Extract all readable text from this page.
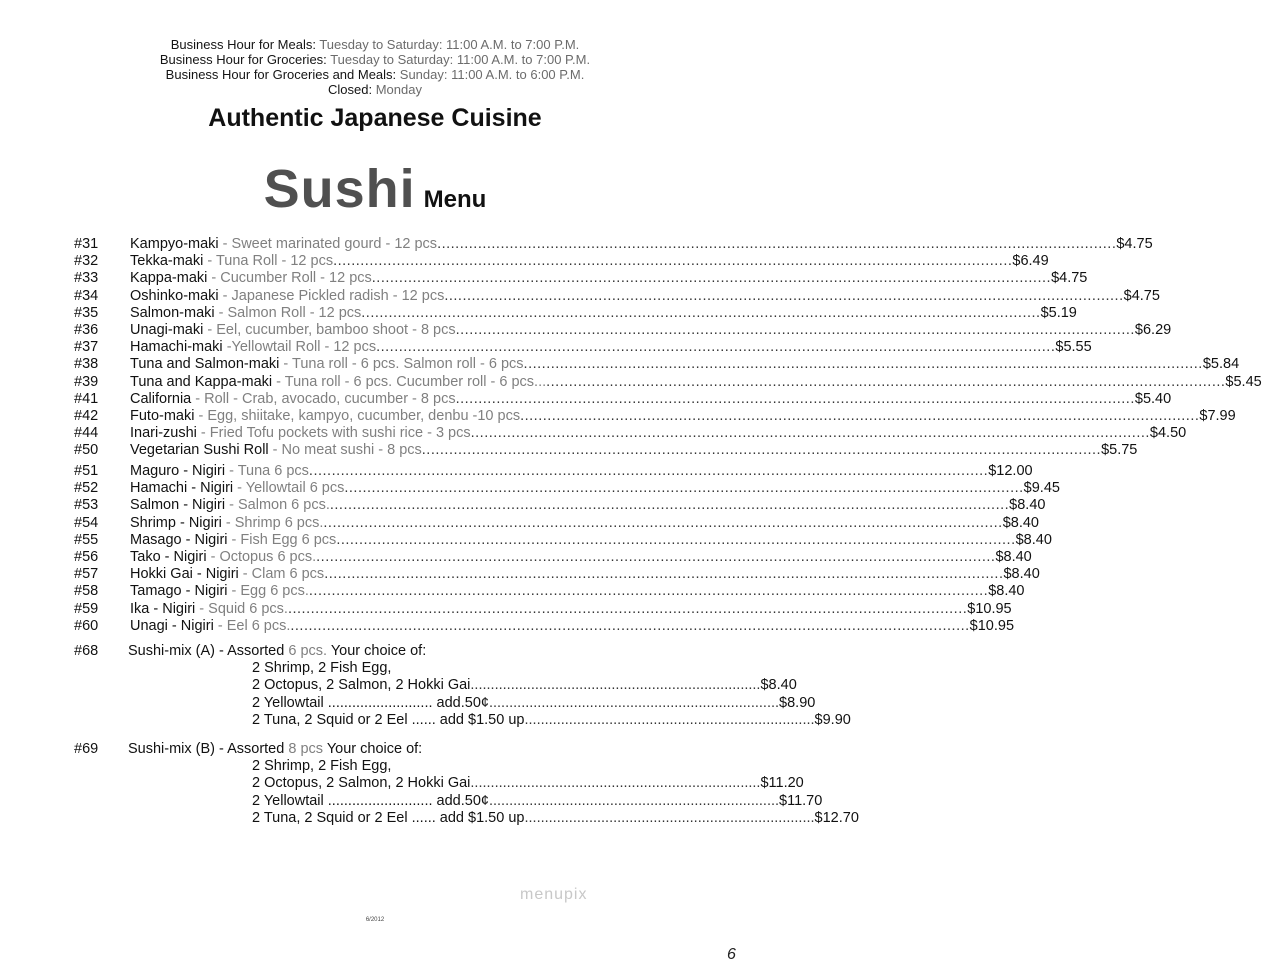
Business Hour for Meals: Tuesday to Saturday: 11:00 A.M. to 7:00 P.M.
Business Hour for Groceries: Tuesday to Saturday: 11:00 A.M. to 7:00 P.M.
Business Hour for Groceries and Meals: Sunday: 11:00 A.M. to 6:00 P.M.
Closed: Monday
Authentic Japanese Cuisine
Sushi Menu
#31 Kampyo-maki - Sweet marinated gourd - 12 pcs ...................................................................................................................................................... $4.75
#32 Tekka-maki - Tuna Roll - 12 pcs ...................................................................................................................................................... $6.49
#33 Kappa-maki - Cucumber Roll - 12 pcs ...................................................................................................................................................... $4.75
#34 Oshinko-maki - Japanese Pickled radish - 12 pcs ...................................................................................................................................................... $4.75
#35 Salmon-maki - Salmon Roll - 12 pcs ...................................................................................................................................................... $5.19
#36 Unagi-maki - Eel, cucumber, bamboo shoot - 8 pcs ...................................................................................................................................................... $6.29
#37 Hamachi-maki -Yellowtail Roll - 12 pcs ...................................................................................................................................................... $5.55
#38 Tuna and Salmon-maki - Tuna roll - 6 pcs. Salmon roll - 6 pcs ...................................................................................................................................................... $5.84
#39 Tuna and Kappa-maki - Tuna roll - 6 pcs. Cucumber roll - 6 pcs... ...................................................................................................................................................... $5.45
#41 California - Roll - Crab, avocado, cucumber - 8 pcs ...................................................................................................................................................... $5.40
#42 Futo-maki - Egg, shiitake, kampyo, cucumber, denbu -10 pcs ...................................................................................................................................................... $7.99
#44 Inari-zushi - Fried Tofu pockets with sushi rice - 3 pcs ...................................................................................................................................................... $4.50
#50 Vegetarian Sushi Roll - No meat sushi - 8 pcs ...................................................................................................................................................... $5.75
#51 Maguro - Nigiri - Tuna 6 pcs ...................................................................................................................................................... $12.00
#52 Hamachi - Nigiri - Yellowtail 6 pcs ...................................................................................................................................................... $9.45
#53 Salmon - Nigiri - Salmon 6 pcs. ...................................................................................................................................................... $8.40
#54 Shrimp - Nigiri - Shrimp 6 pcs. ...................................................................................................................................................... $8.40
#55 Masago - Nigiri - Fish Egg 6 pcs ...................................................................................................................................................... $8.40
#56 Tako - Nigiri - Octopus 6 pcs. ...................................................................................................................................................... $8.40
#57 Hokki Gai - Nigiri - Clam 6 pcs ...................................................................................................................................................... $8.40
#58 Tamago - Nigiri - Egg 6 pcs. ...................................................................................................................................................... $8.40
#59 Ika - Nigiri - Squid 6 pcs. ...................................................................................................................................................... $10.95
#60 Unagi - Nigiri - Eel 6 pcs. ...................................................................................................................................................... $10.95
#68 Sushi-mix (A) - Assorted 6 pcs. Your choice of:
2 Shrimp, 2 Fish Egg,
2 Octopus, 2 Salmon, 2 Hokki Gai ........................................................................ $8.40
2 Yellowtail .......................... add.50¢ ........................................................................ $8.90
2 Tuna, 2 Squid or 2 Eel ...... add $1.50 up ........................................................................ $9.90
#69 Sushi-mix (B) - Assorted 8 pcs Your choice of:
2 Shrimp, 2 Fish Egg,
2 Octopus, 2 Salmon, 2 Hokki Gai ........................................................................ $11.20
2 Yellowtail .......................... add.50¢ ........................................................................ $11.70
2 Tuna, 2 Squid or 2 Eel ...... add $1.50 up ........................................................................ $12.70
menupix
6/2012
6
